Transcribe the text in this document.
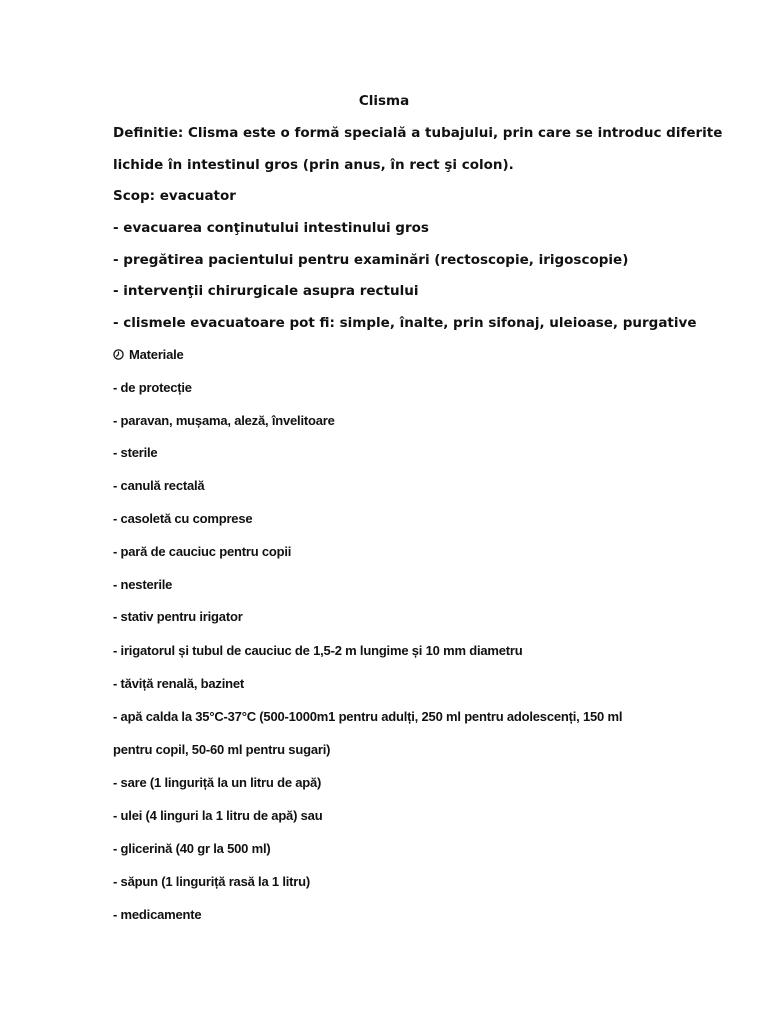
Clisma
Definitie: Clisma este o formă specială a tubajului, prin care se introduc diferite
lichide în intestinul gros (prin anus, în rect şi colon).
Scop: evacuator
- evacuarea conţinutului intestinului gros
- pregătirea pacientului pentru examinări (rectoscopie, irigoscopie)
- intervenţii chirurgicale asupra rectului
- clismele evacuatoare pot fi: simple, înalte, prin sifonaj, uleioase, purgative
Materiale
- de protecție
- paravan, mușama, aleză, învelitoare
- sterile
- canulă rectală
- casoletă cu comprese
- pară de cauciuc pentru copii
- nesterile
- stativ pentru irigator
- irigatorul și tubul de cauciuc de 1,5-2 m lungime și 10 mm diametru
- tăviță renală, bazinet
- apă calda la 35°C-37°C (500-1000m1 pentru adulți, 250 ml pentru adolescenți, 150 ml
pentru copil, 50-60 ml pentru sugari)
- sare (1 linguriță la un litru de apă)
- ulei (4 linguri la 1 litru de apă) sau
- glicerină (40 gr la 500 ml)
- săpun (1 linguriță rasă la 1 litru)
- medicamente
